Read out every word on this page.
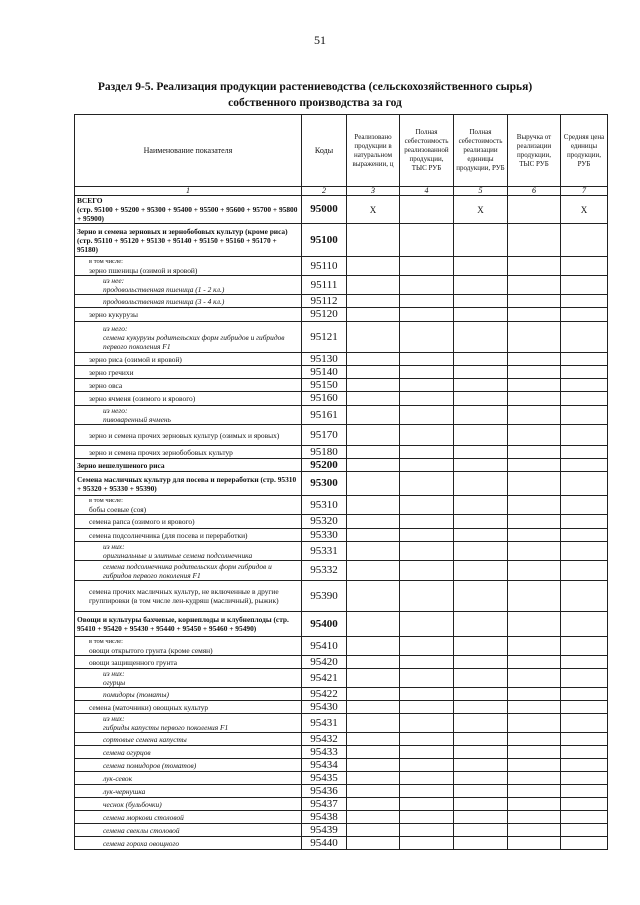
51
Раздел 9-5. Реализация продукции растениеводства (сельскохозяйственного сырья)
собственного производства за год
Наименование показателя	Коды	Реализовано продукции в натуральном выражении, ц	Полная себестоимость реализованной продукции, ТЫС РУБ	Полная себестоимость реализации единицы продукции, РУБ	Выручка от реализации продукции, ТЫС РУБ	Средняя цена единицы продукции, РУБ
1	2	3	4	5	6	7

ВСЕГО
(стр. 95100 + 95200 + 95300 + 95400 + 95500 + 95600 + 95700 + 95800 + 95900)	95000	X		X		X

Зерно и семена зерновых и зернобобовых культур (кроме риса) (стр. 95110 + 95120 + 95130 + 95140 + 95150 + 95160 + 95170 + 95180)	95100					

в том числе:
зерно пшеницы (озимой и яровой)	95110					

из нее:
продовольственная пшеница (1 - 2 кл.)	95111					

продовольственная пшеница (3 - 4 кл.)	95112					

зерно кукурузы	95120					

из него:
семена кукурузы родительских форм гибридов и гибридов первого поколения F1	95121					

зерно риса (озимой и яровой)	95130					

зерно гречихи	95140					

зерно овса	95150					

зерно ячменя (озимого и ярового)	95160					

из него:
пивоваренный ячмень	95161					

зерно и семена прочих зерновых культур (озимых и яровых)	95170					

зерно и семена прочих зернобобовых культур	95180					

Зерно нешелушеного риса	95200					

Семена масличных культур для посева и переработки (стр. 95310 + 95320 + 95330 + 95390)	95300					

в том числе:
бобы соевые (соя)	95310					

семена рапса (озимого и ярового)	95320					

семена подсолнечника (для посева и переработки)	95330					

из них:
оригинальные и элитные семена подсолнечника	95331					

семена подсолнечника родительских форм гибридов и гибридов первого поколения F1	95332					

семена прочих масличных культур, не включенные в другие группировки (в том числе лен-кудряш (масличный), рыжик)	95390					

Овощи и культуры бахчевые, корнеплоды и клубнеплоды (стр. 95410 + 95420 + 95430 + 95440 + 95450 + 95460 + 95490)	95400					

в том числе:
овощи открытого грунта (кроме семян)	95410					

овощи защищенного грунта	95420					

из них:
огурцы	95421					

помидоры (томаты)	95422					

семена (маточники) овощных культур	95430					

из них:
гибриды капусты первого поколения F1	95431					

сортовые семена капусты	95432					

семена огурцов	95433					

семена помидоров (томатов)	95434					

лук-севок	95435					

лук-чернушка	95436					

чеснок (бульбочки)	95437					

семена моркови столовой	95438					

семена свеклы столовой	95439					

семена гороха овощного	95440					
